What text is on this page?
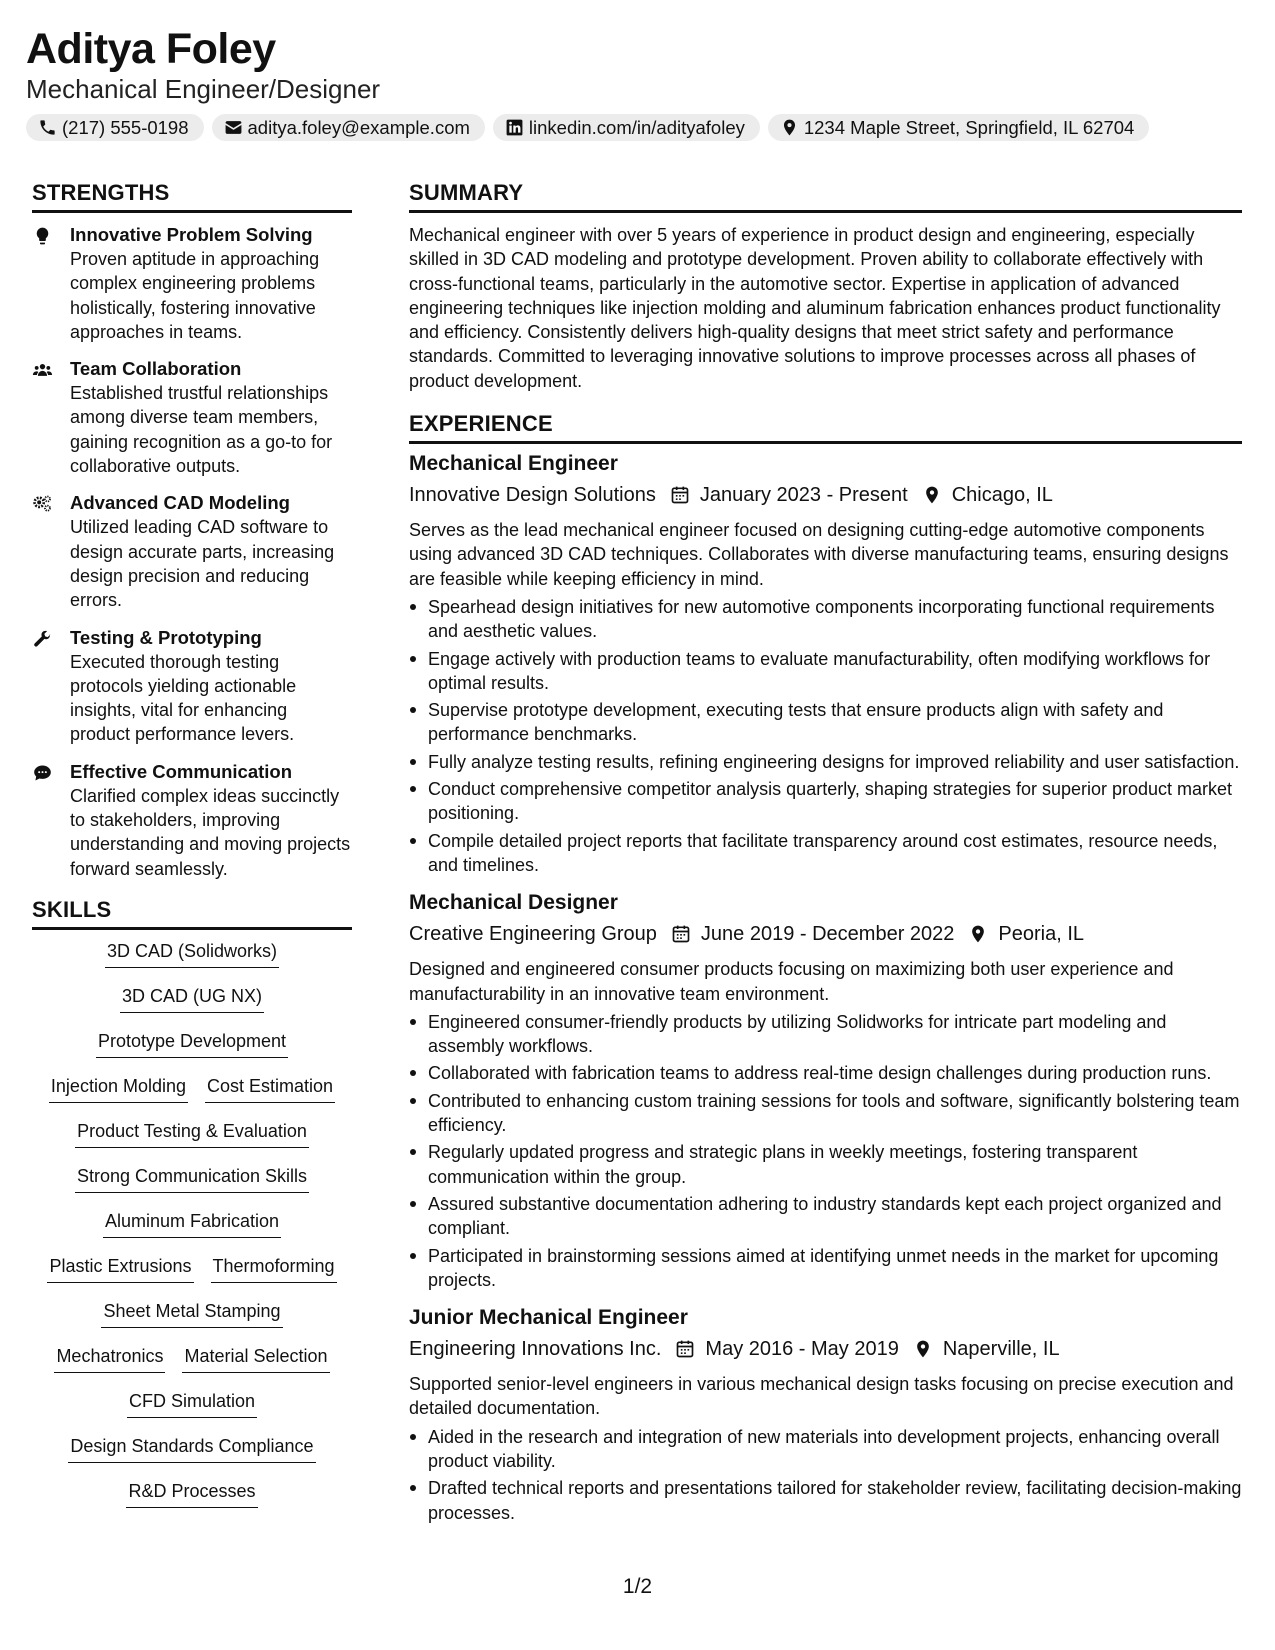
Aditya Foley
Mechanical Engineer/Designer
(217) 555-0198	aditya.foley@example.com	linkedin.com/in/adityafoley	1234 Maple Street, Springfield, IL 62704
STRENGTHS
Innovative Problem Solving
Proven aptitude in approaching complex engineering problems holistically, fostering innovative approaches in teams.
Team Collaboration
Established trustful relationships among diverse team members, gaining recognition as a go-to for collaborative outputs.
Advanced CAD Modeling
Utilized leading CAD software to design accurate parts, increasing design precision and reducing errors.
Testing & Prototyping
Executed thorough testing protocols yielding actionable insights, vital for enhancing product performance levers.
Effective Communication
Clarified complex ideas succinctly to stakeholders, improving understanding and moving projects forward seamlessly.
SKILLS
3D CAD (Solidworks)
3D CAD (UG NX)
Prototype Development
Injection Molding Cost Estimation
Product Testing & Evaluation
Strong Communication Skills
Aluminum Fabrication
Plastic Extrusions Thermoforming
Sheet Metal Stamping
Mechatronics Material Selection
CFD Simulation
Design Standards Compliance
R&D Processes
SUMMARY
Mechanical engineer with over 5 years of experience in product design and engineering, especially skilled in 3D CAD modeling and prototype development. Proven ability to collaborate effectively with cross-functional teams, particularly in the automotive sector. Expertise in application of advanced engineering techniques like injection molding and aluminum fabrication enhances product functionality and efficiency. Consistently delivers high-quality designs that meet strict safety and performance standards. Committed to leveraging innovative solutions to improve processes across all phases of product development.
EXPERIENCE
Mechanical Engineer
Innovative Design Solutions January 2023 - Present Chicago, IL
Serves as the lead mechanical engineer focused on designing cutting-edge automotive components using advanced 3D CAD techniques. Collaborates with diverse manufacturing teams, ensuring designs are feasible while keeping efficiency in mind.
Spearhead design initiatives for new automotive components incorporating functional requirements and aesthetic values.
Engage actively with production teams to evaluate manufacturability, often modifying workflows for optimal results.
Supervise prototype development, executing tests that ensure products align with safety and performance benchmarks.
Fully analyze testing results, refining engineering designs for improved reliability and user satisfaction.
Conduct comprehensive competitor analysis quarterly, shaping strategies for superior product market positioning.
Compile detailed project reports that facilitate transparency around cost estimates, resource needs, and timelines.
Mechanical Designer
Creative Engineering Group June 2019 - December 2022 Peoria, IL
Designed and engineered consumer products focusing on maximizing both user experience and manufacturability in an innovative team environment.
Engineered consumer-friendly products by utilizing Solidworks for intricate part modeling and assembly workflows.
Collaborated with fabrication teams to address real-time design challenges during production runs.
Contributed to enhancing custom training sessions for tools and software, significantly bolstering team efficiency.
Regularly updated progress and strategic plans in weekly meetings, fostering transparent communication within the group.
Assured substantive documentation adhering to industry standards kept each project organized and compliant.
Participated in brainstorming sessions aimed at identifying unmet needs in the market for upcoming projects.
Junior Mechanical Engineer
Engineering Innovations Inc. May 2016 - May 2019 Naperville, IL
Supported senior-level engineers in various mechanical design tasks focusing on precise execution and detailed documentation.
Aided in the research and integration of new materials into development projects, enhancing overall product viability.
Drafted technical reports and presentations tailored for stakeholder review, facilitating decision-making processes.
1/2
